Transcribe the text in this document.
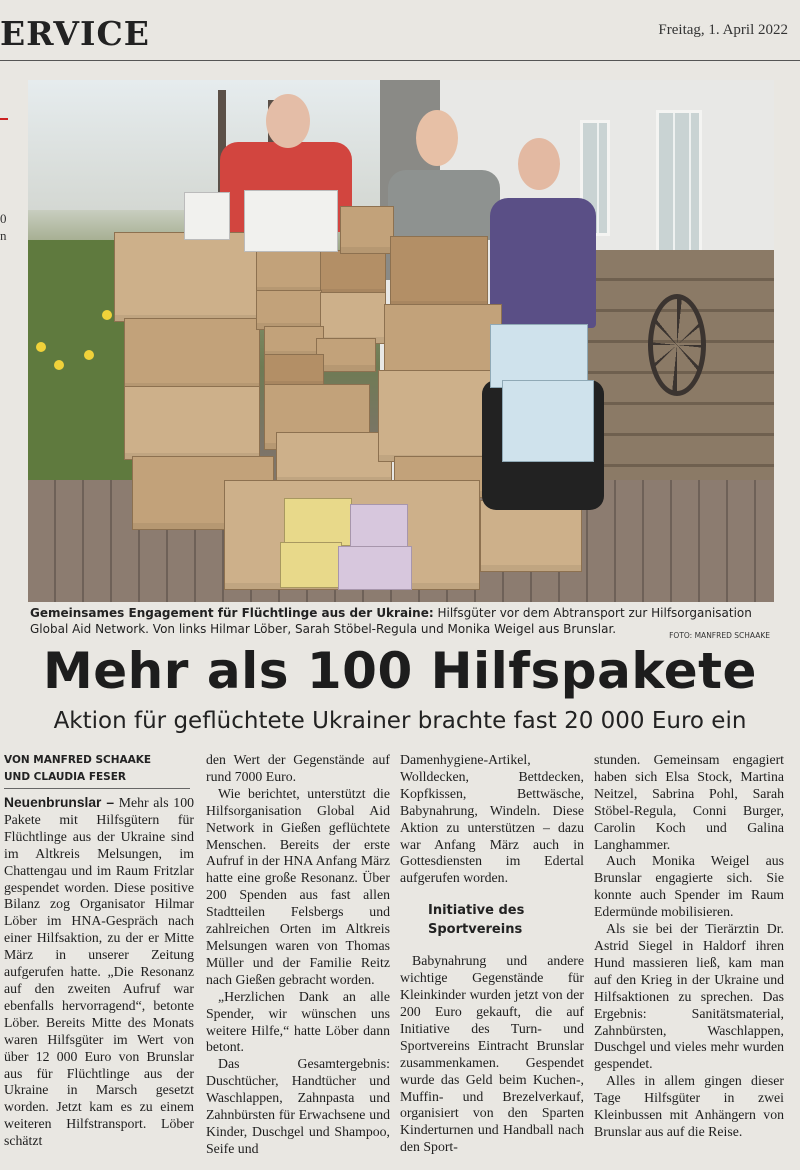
ERVICE	Freitag, 1. April 2022
0
n
Gemeinsames Engagement für Flüchtlinge aus der Ukraine: Hilfsgüter vor dem Abtransport zur Hilfsorganisation Global Aid Network. Von links Hilmar Löber, Sarah Stöbel-Regula und Monika Weigel aus Brunslar.	FOTO: MANFRED SCHAAKE
Mehr als 100 Hilfspakete
Aktion für geflüchtete Ukrainer brachte fast 20 000 Euro ein
VON MANFRED SCHAAKE
UND CLAUDIA FESER

Neuenbrunslar – Mehr als 100 Pakete mit Hilfsgütern für Flüchtlinge aus der Ukraine sind im Altkreis Melsungen, im Chattengau und im Raum Fritzlar gespendet worden. Diese positive Bilanz zog Organisator Hilmar Löber im HNA-Gespräch nach einer Hilfsaktion, zu der er Mitte März in unserer Zeitung aufgerufen hatte. „Die Resonanz auf den zweiten Aufruf war ebenfalls hervorragend“, betonte Löber. Bereits Mitte des Monats waren Hilfsgüter im Wert von über 12 000 Euro von Brunslar aus für Flüchtlinge aus der Ukraine in Marsch gesetzt worden. Jetzt kam es zu einem weiteren Hilfstransport. Löber schätzt

den Wert der Gegenstände auf rund 7000 Euro.

Wie berichtet, unterstützt die Hilfsorganisation Global Aid Network in Gießen geflüchtete Menschen. Bereits der erste Aufruf in der HNA Anfang März hatte eine große Resonanz. Über 200 Spenden aus fast allen Stadtteilen Felsbergs und zahlreichen Orten im Altkreis Melsungen waren von Thomas Müller und der Familie Reitz nach Gießen gebracht worden.

„Herzlichen Dank an alle Spender, wir wünschen uns weitere Hilfe,“ hatte Löber dann betont.

Das Gesamtergebnis: Duschtücher, Handtücher und Waschlappen, Zahnpasta und Zahnbürsten für Erwachsene und Kinder, Duschgel und Shampoo, Seife und

Damenhygiene-Artikel, Wolldecken, Bettdecken, Kopfkissen, Bettwäsche, Babynahrung, Windeln. Diese Aktion zu unterstützen – dazu war Anfang März auch in Gottesdiensten im Edertal aufgerufen worden.

Initiative des Sportvereins

Babynahrung und andere wichtige Gegenstände für Kleinkinder wurden jetzt von der 200 Euro gekauft, die auf Initiative des Turn- und Sportvereins Eintracht Brunslar zusammenkamen. Gespendet wurde das Geld beim Kuchen-, Muffin- und Brezelverkauf, organisiert von den Sparten Kinderturnen und Handball nach den Sport-

stunden. Gemeinsam engagiert haben sich Elsa Stock, Martina Neitzel, Sabrina Pohl, Sarah Stöbel-Regula, Conni Burger, Carolin Koch und Galina Langhammer.

Auch Monika Weigel aus Brunslar engagierte sich. Sie konnte auch Spender im Raum Edermünde mobilisieren.

Als sie bei der Tierärztin Dr. Astrid Siegel in Haldorf ihren Hund massieren ließ, kam man auf den Krieg in der Ukraine und Hilfsaktionen zu sprechen. Das Ergebnis: Sanitätsmaterial, Zahnbürsten, Waschlappen, Duschgel und vieles mehr wurden gespendet.

Alles in allem gingen dieser Tage Hilfsgüter in zwei Kleinbussen mit Anhängern von Brunslar aus auf die Reise.
